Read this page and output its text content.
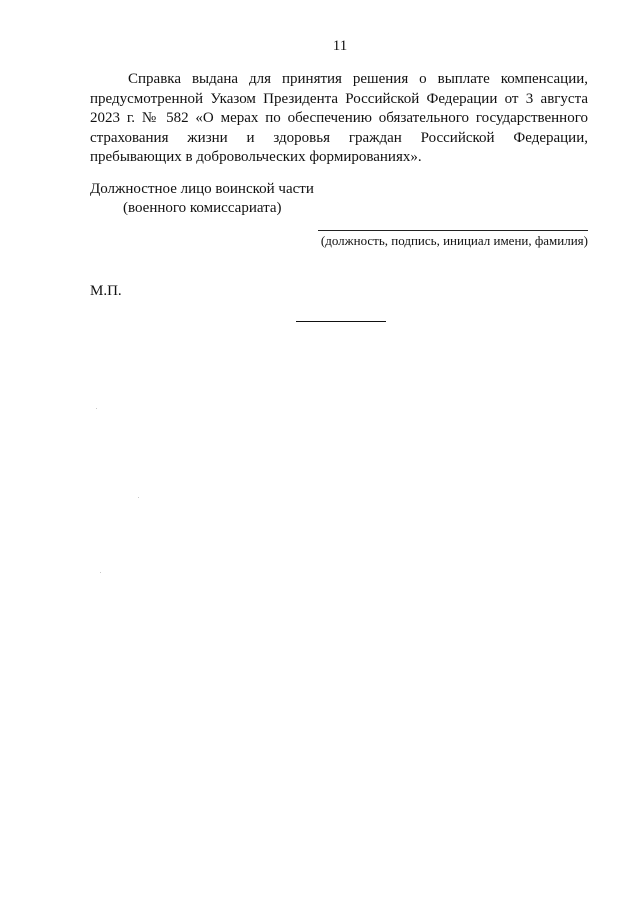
11

Справка выдана для принятия решения о выплате компенсации, предусмотренной Указом Президента Российской Федерации от 3 августа 2023 г. № 582 «О мерах по обеспечению обязательного государственного страхования жизни и здоровья граждан Российской Федерации, пребывающих в добровольческих формированиях».

Должностное лицо воинской части
(военного комиссариата)
(должность, подпись, инициал имени, фамилия)
М.П.
